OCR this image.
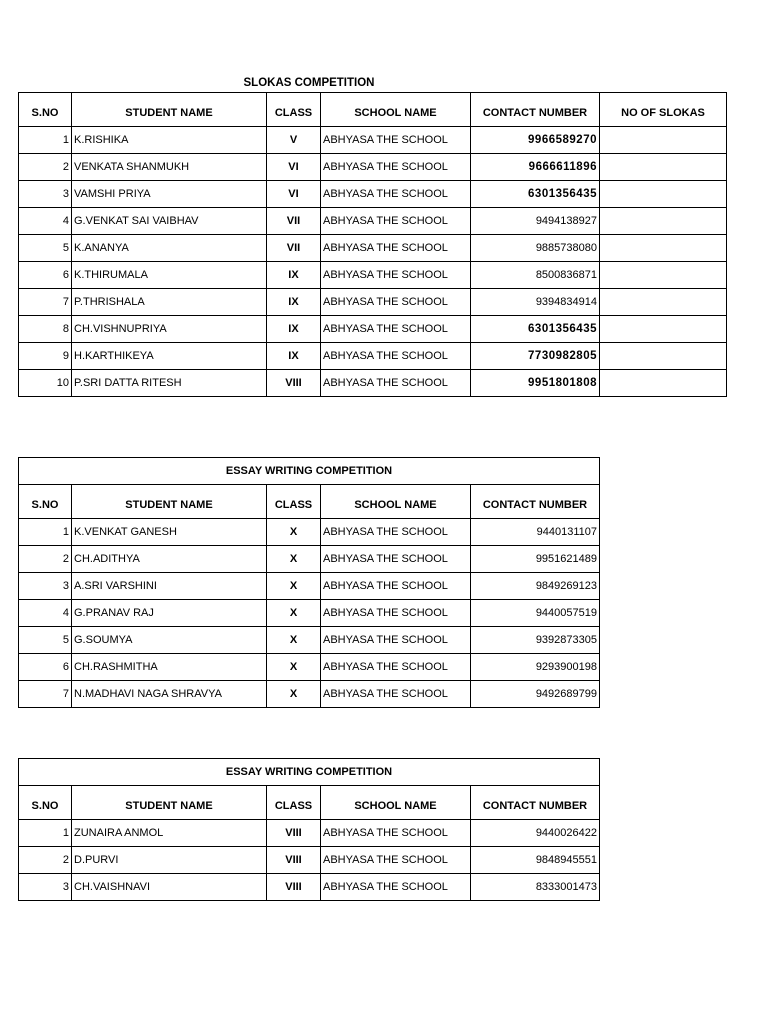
SLOKAS COMPETITION
S.NO	STUDENT NAME	CLASS	SCHOOL NAME	CONTACT NUMBER	NO OF SLOKAS
1	K.RISHIKA	V	ABHYASA THE SCHOOL	9966589270	
2	VENKATA SHANMUKH	VI	ABHYASA THE SCHOOL	9666611896	
3	VAMSHI PRIYA	VI	ABHYASA THE SCHOOL	6301356435	
4	G.VENKAT SAI VAIBHAV	VII	ABHYASA THE SCHOOL	9494138927	
5	K.ANANYA	VII	ABHYASA THE SCHOOL	9885738080	
6	K.THIRUMALA	IX	ABHYASA THE SCHOOL	8500836871	
7	P.THRISHALA	IX	ABHYASA THE SCHOOL	9394834914	
8	CH.VISHNUPRIYA	IX	ABHYASA THE SCHOOL	6301356435	
9	H.KARTHIKEYA	IX	ABHYASA THE SCHOOL	7730982805	
10	P.SRI DATTA RITESH	VIII	ABHYASA THE SCHOOL	9951801808	
ESSAY WRITING COMPETITION				
S.NO	STUDENT NAME	CLASS	SCHOOL NAME	CONTACT NUMBER
1	K.VENKAT GANESH	X	ABHYASA THE SCHOOL	9440131107
2	CH.ADITHYA	X	ABHYASA THE SCHOOL	9951621489
3	A.SRI VARSHINI	X	ABHYASA THE SCHOOL	9849269123
4	G.PRANAV RAJ	X	ABHYASA THE SCHOOL	9440057519
5	G.SOUMYA	X	ABHYASA THE SCHOOL	9392873305
6	CH.RASHMITHA	X	ABHYASA THE SCHOOL	9293900198
7	N.MADHAVI NAGA SHRAVYA	X	ABHYASA THE SCHOOL	9492689799
ESSAY WRITING COMPETITION				
S.NO	STUDENT NAME	CLASS	SCHOOL NAME	CONTACT NUMBER
1	ZUNAIRA ANMOL	VIII	ABHYASA THE SCHOOL	9440026422
2	D.PURVI	VIII	ABHYASA THE SCHOOL	9848945551
3	CH.VAISHNAVI	VIII	ABHYASA THE SCHOOL	8333001473
